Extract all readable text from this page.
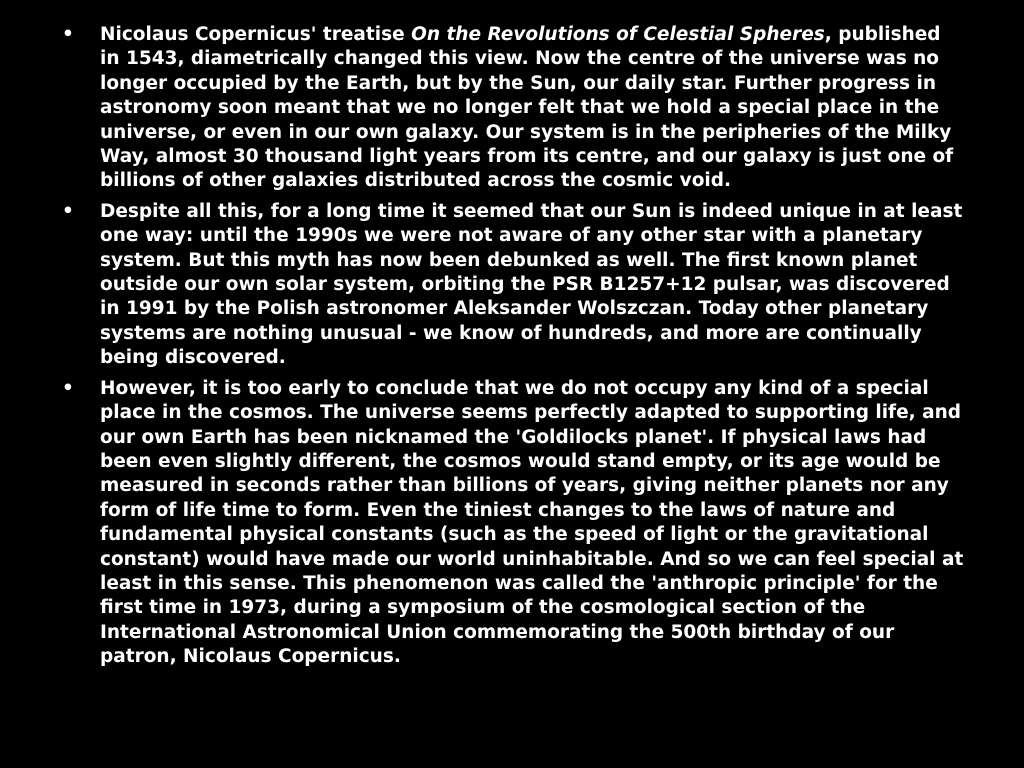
• Nicolaus Copernicus' treatise On the Revolutions of Celestial Spheres, published in 1543, diametrically changed this view. Now the centre of the universe was no longer occupied by the Earth, but by the Sun, our daily star. Further progress in astronomy soon meant that we no longer felt that we hold a special place in the universe, or even in our own galaxy. Our system is in the peripheries of the Milky Way, almost 30 thousand light years from its centre, and our galaxy is just one of billions of other galaxies distributed across the cosmic void.
• Despite all this, for a long time it seemed that our Sun is indeed unique in at least one way: until the 1990s we were not aware of any other star with a planetary system. But this myth has now been debunked as well. The first known planet outside our own solar system, orbiting the PSR B1257+12 pulsar, was discovered in 1991 by the Polish astronomer Aleksander Wolszczan. Today other planetary systems are nothing unusual - we know of hundreds, and more are continually being discovered.
• However, it is too early to conclude that we do not occupy any kind of a special place in the cosmos. The universe seems perfectly adapted to supporting life, and our own Earth has been nicknamed the 'Goldilocks planet'. If physical laws had been even slightly different, the cosmos would stand empty, or its age would be measured in seconds rather than billions of years, giving neither planets nor any form of life time to form. Even the tiniest changes to the laws of nature and fundamental physical constants (such as the speed of light or the gravitational constant) would have made our world uninhabitable. And so we can feel special at least in this sense. This phenomenon was called the 'anthropic principle' for the first time in 1973, during a symposium of the cosmological section of the International Astronomical Union commemorating the 500th birthday of our patron, Nicolaus Copernicus.
